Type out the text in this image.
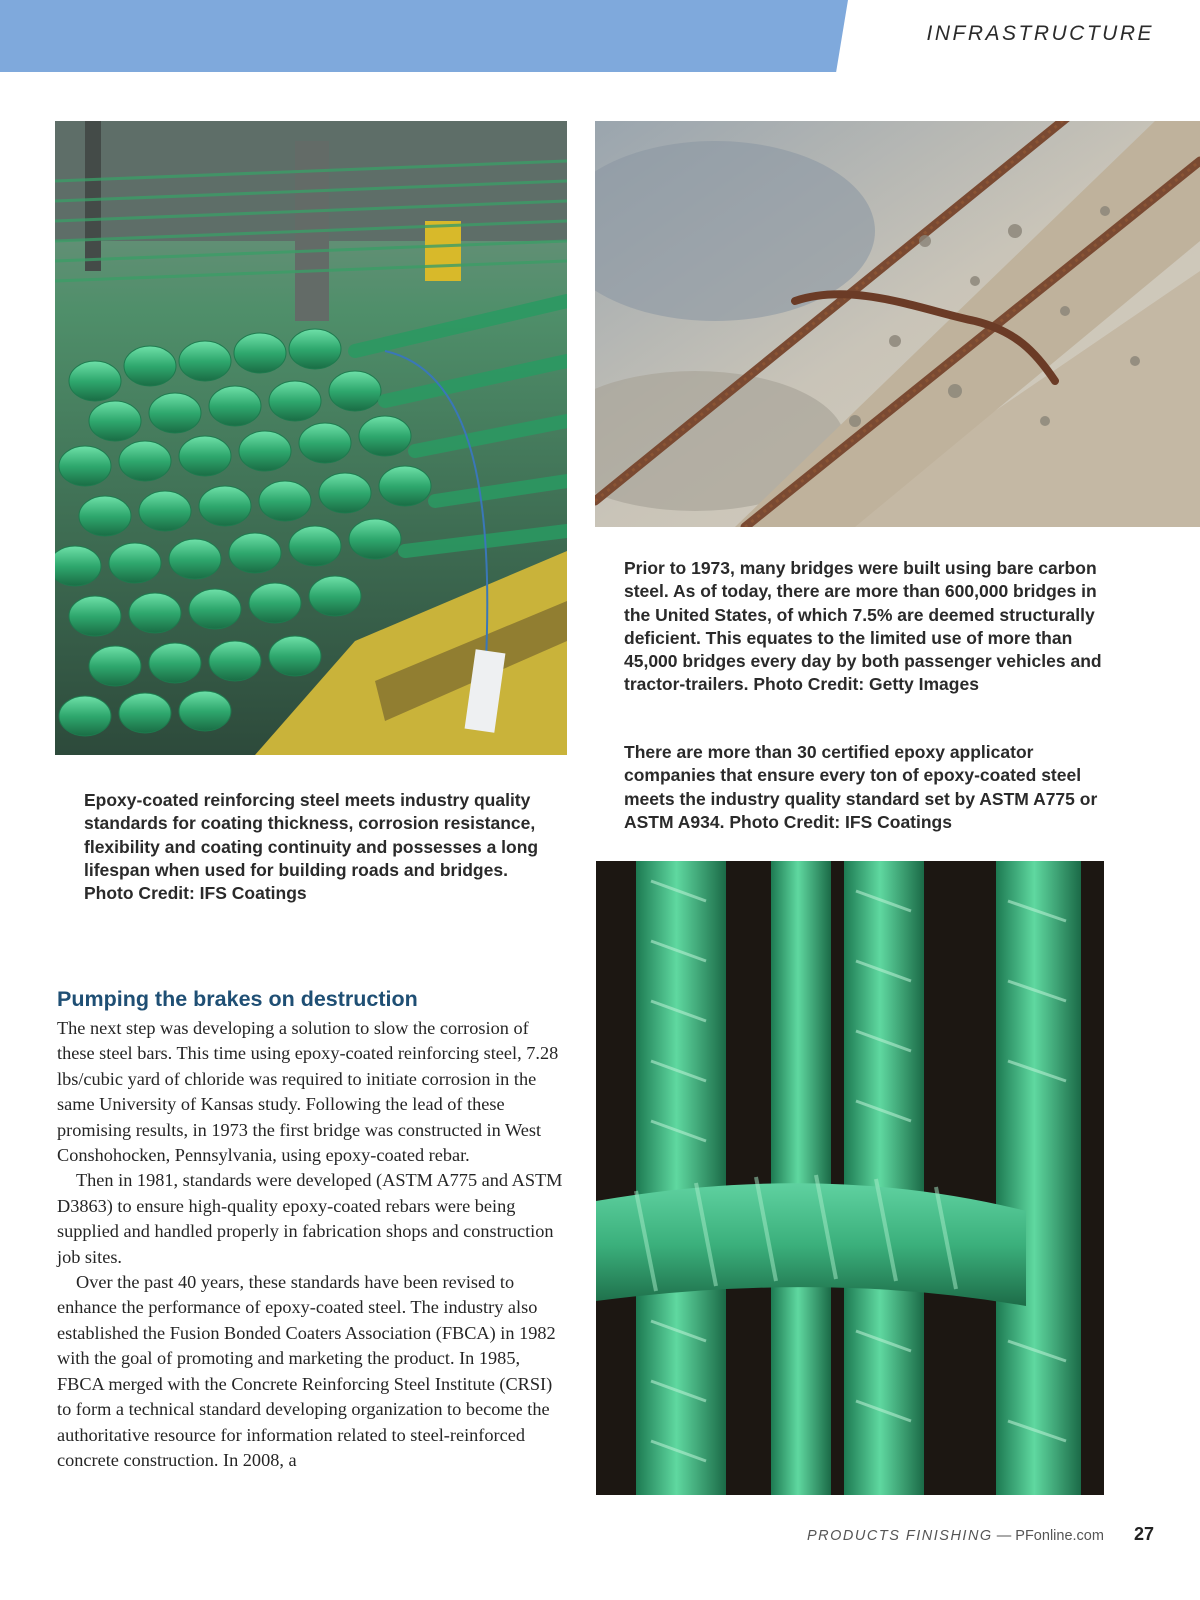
INFRASTRUCTURE
Epoxy-coated reinforcing steel meets industry quality standards for coating thickness, corrosion resistance, flexibility and coating continuity and possesses a long lifespan when used for building roads and bridges. Photo Credit: IFS Coatings
Prior to 1973, many bridges were built using bare carbon steel. As of today, there are more than 600,000 bridges in the United States, of which 7.5% are deemed structurally deficient. This equates to the limited use of more than 45,000 bridges every day by both passenger vehicles and tractor-trailers. Photo Credit: Getty Images
There are more than 30 certified epoxy applicator companies that ensure every ton of epoxy-coated steel meets the industry quality standard set by ASTM A775 or ASTM A934. Photo Credit: IFS Coatings
Pumping the brakes on destruction

The next step was developing a solution to slow the corrosion of these steel bars. This time using epoxy-coated reinforcing steel, 7.28 lbs/cubic yard of chloride was required to initiate corrosion in the same University of Kansas study. Following the lead of these promising results, in 1973 the first bridge was constructed in West Conshohocken, Pennsylvania, using epoxy-coated rebar.

Then in 1981, standards were developed (ASTM A775 and ASTM D3863) to ensure high-quality epoxy-coated rebars were being supplied and handled properly in fabrication shops and construction job sites.

Over the past 40 years, these standards have been revised to enhance the performance of epoxy-coated steel. The industry also established the Fusion Bonded Coaters Association (FBCA) in 1982 with the goal of promoting and marketing the product. In 1985, FBCA merged with the Concrete Reinforcing Steel Institute (CRSI) to form a technical standard developing organization to become the authoritative resource for information related to steel-reinforced concrete construction. In 2008, a

PRODUCTS FINISHING — PFonline.com 27
